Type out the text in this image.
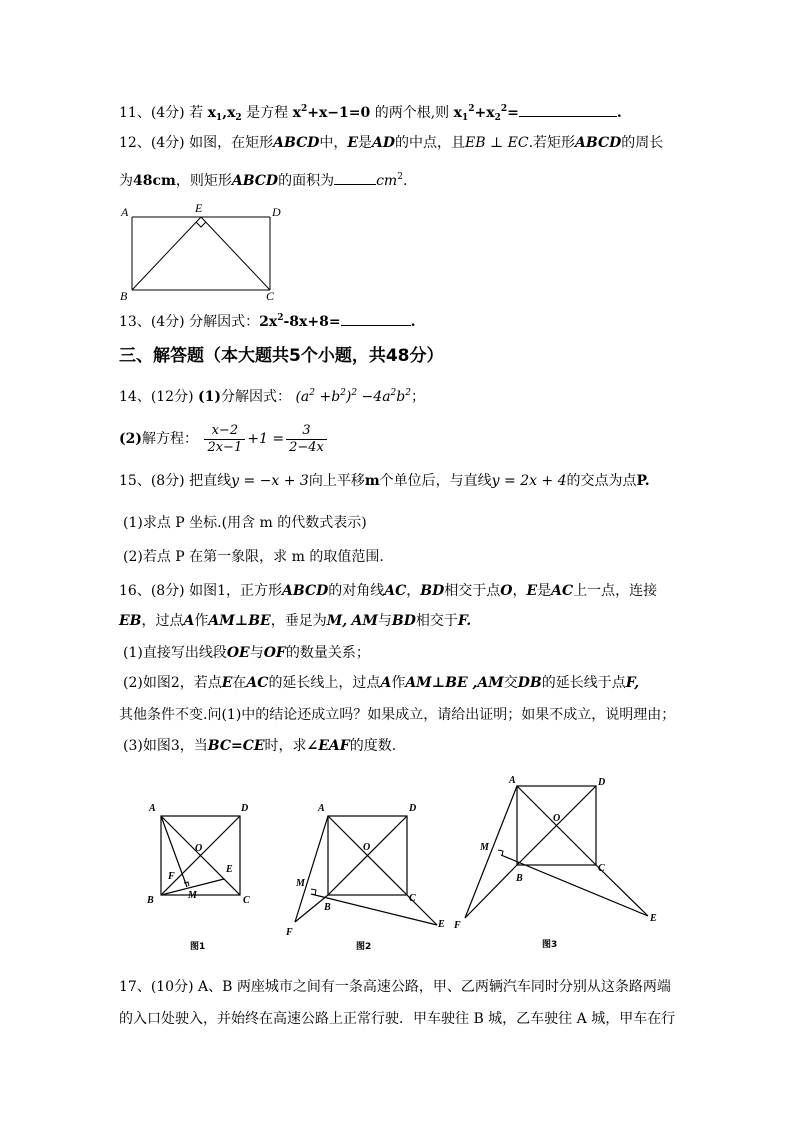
11、(4分) 若 $x_1,x_2$ 是方程 $x^2+x-1=0$ 的两个根,则 $x_1^2+x_2^2=$	.
12、(4分) 如图，在矩形ABCD中，E是AD的中点，且EB ⊥ EC.若矩形ABCD的周长
为48cm，则矩形ABCD的面积为	$cm^2$.
A	E	D
B	C
13、(4分) 分解因式：$2x^2-8x+8=$	.
三、解答题（本大题共5个小题，共48分）
14、(12分) (1)分解因式： $(a^2 +b^2)^2 -4a^2b^2$；
(2)解方程： $\frac{x-2}{2x-1} +1 = \frac{3}{2-4x}$
15、(8分) 把直线y = −x + 3向上平移m个单位后，与直线y = 2x + 4的交点为点P.
(1)求点 P 坐标.(用含 m 的代数式表示)
(2)若点 P 在第一象限，求 m 的取值范围.
16、(8分) 如图1，正方形ABCD的对角线AC，BD相交于点O，E是AC上一点，连接
EB，过点A作AM⊥BE，垂足为M, AM与BD相交于F.
(1)直接写出线段OE与OF的数量关系；
(2)如图2，若点E在AC的延长线上，过点A作AM⊥BE ,AM交DB的延长线于点F,
其他条件不变.问(1)中的结论还成立吗？如果成立，请给出证明；如果不成立，说明理由；
(3)如图3，当BC=CE时，求∠EAF的度数.
A	D
O
E
F
M
B	C
图1
A	D
O
M
B
C
F
E
图2
A	D
O
M
B
C
F
E
图3
17、(10分) A、B 两座城市之间有一条高速公路，甲、乙两辆汽车同时分别从这条路两端
的入口处驶入，并始终在高速公路上正常行驶．甲车驶往 B 城，乙车驶往 A 城，甲车在行
